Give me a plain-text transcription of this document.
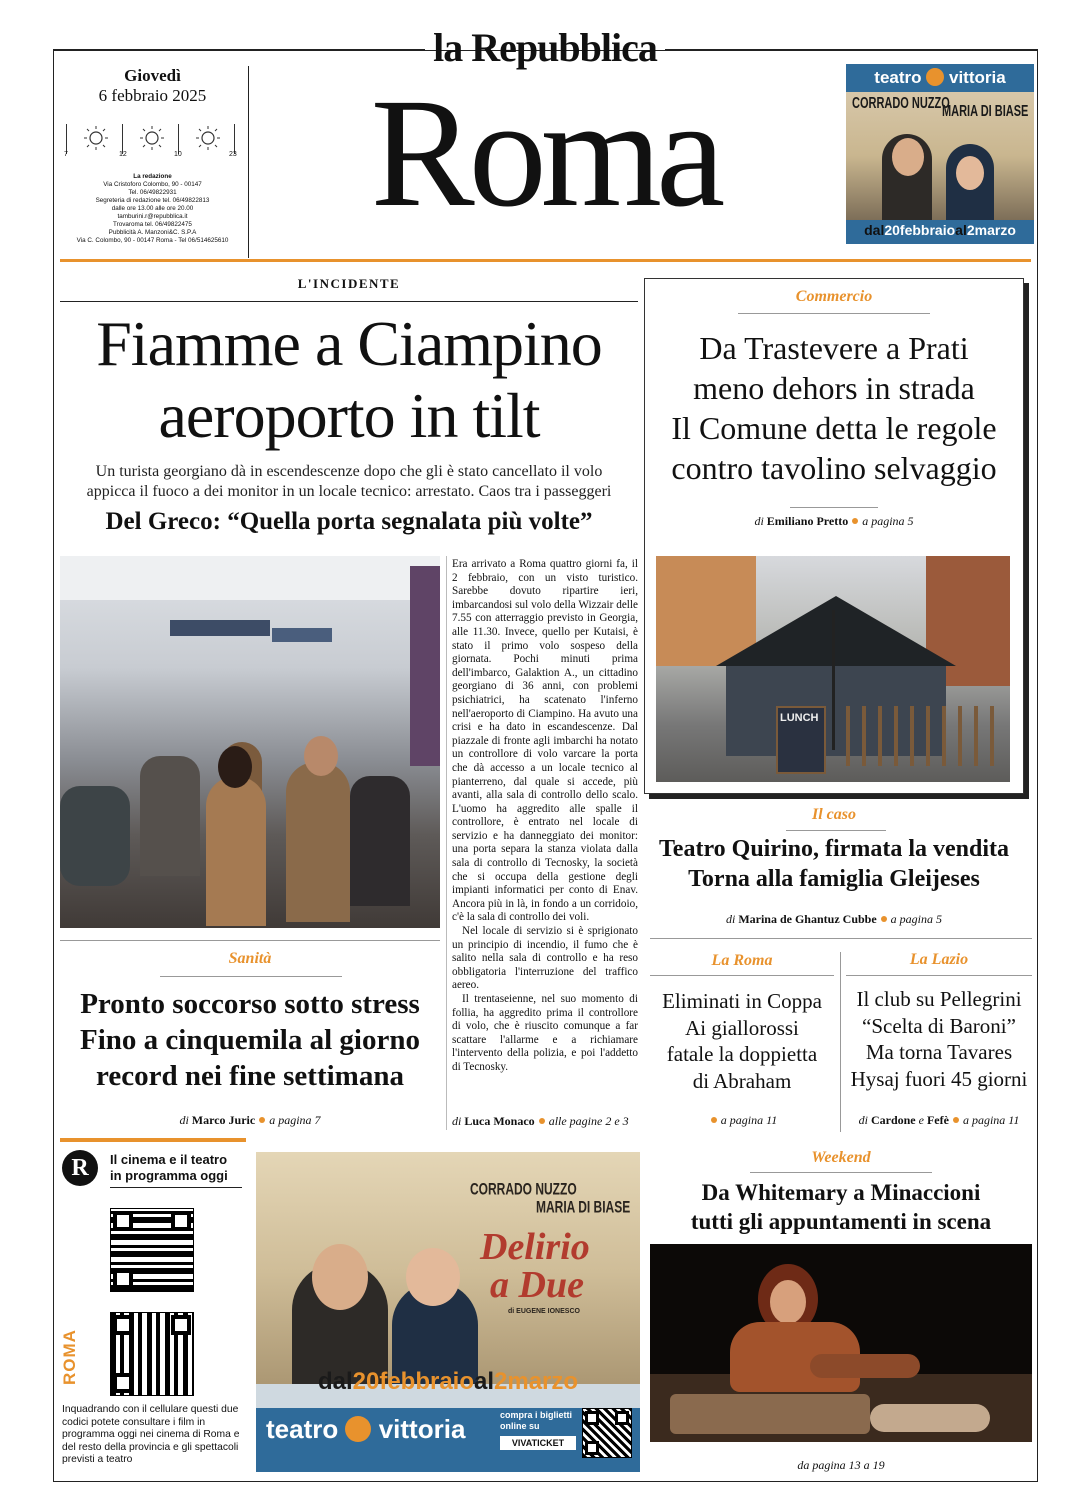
la Repubblica
Giovedì
6 febbraio 2025
7	12	10	23
La redazione
Via Cristoforo Colombo, 90 - 00147
Tel. 06/49822931
Segreteria di redazione tel. 06/49822813
dalle ore 13.00 alle ore 20.00
tamburini.r@repubblica.it
Trovaroma tel. 06/49822475
Pubblicità A. Manzoni&C. S.P.A
Via C. Colombo, 90 - 00147 Roma - Tel 06/514625610
Roma	teatro vittoria
CORRADO NUZZO
MARIA DI BIASE
dal20febbraioal2marzo
L'INCIDENTE
Fiamme a Ciampino
aeroporto in tilt
Un turista georgiano dà in escendescenze dopo che gli è stato cancellato il volo
appicca il fuoco a dei monitor in un locale tecnico: arrestato. Caos tra i passeggeri
Del Greco: “Quella porta segnalata più volte”

Era arrivato a Roma quattro giorni fa, il 2 febbraio, con un visto turistico. Sarebbe dovuto ripartire ieri, imbarcandosi sul volo della Wizzair delle 7.55 con atterraggio previsto in Georgia, alle 11.30. Invece, quello per Kutaisi, è stato il primo volo sospeso della giornata. Pochi minuti prima dell'imbarco, Galaktion A., un cittadino georgiano di 36 anni, con problemi psichiatrici, ha scatenato l'inferno nell'aeroporto di Ciampino. Ha avuto una crisi e ha dato in escandescenze. Dal piazzale di fronte agli imbarchi ha notato un controllore di volo varcare la porta che dà accesso a un locale tecnico al pianterreno, dal quale si accede, più avanti, alla sala di controllo dello scalo. L'uomo ha aggredito alle spalle il controllore, è entrato nel locale di servizio e ha danneggiato dei monitor: una porta separa la stanza violata dalla sala di controllo di Tecnosky, la società che si occupa della gestione degli impianti informatici per conto di Enav. Ancora più in là, in fondo a un corridoio, c'è la sala di controllo dei voli.

Nel locale di servizio si è sprigionato un principio di incendio, il fumo che è salito nella sala di controllo e ha reso obbligatoria l'interruzione del traffico aereo.

Il trentaseienne, nel suo momento di follia, ha aggredito prima il controllore di volo, che è riuscito comunque a far scattare l'allarme e a richiamare l'intervento della polizia, e poi l'addetto di Tecnosky.

di Luca Monaco alle pagine 2 e 3
Sanità
Pronto soccorso sotto stress
Fino a cinquemila al giorno
record nei fine settimana
di Marco Juric a pagina 7
Commercio
Da Trastevere a Prati
meno dehors in strada
Il Comune detta le regole
contro tavolino selvaggio
di Emiliano Pretto a pagina 5
LUNCH
Il caso
Teatro Quirino, firmata la vendita
Torna alla famiglia Gleijeses
di Marina de Ghantuz Cubbe a pagina 5
La Roma
Eliminati in Coppa
Ai giallorossi
fatale la doppietta
di Abraham
a pagina 11
La Lazio
Il club su Pellegrini
“Scelta di Baroni”
Ma torna Tavares
Hysaj fuori 45 giorni
di Cardone e Fefè a pagina 11
R	Il cinema e il teatro
in programma oggi
ROMA
Inquadrando con il cellulare questi due codici potete consultare i film in programma oggi nei cinema di Roma e del resto della provincia e gli spettacoli previsti a teatro
CORRADO NUZZO
MARIA DI BIASE
Delirio
a Due
di EUGENE IONESCO
dal20febbraioal2marzo
teatro vittoria	compra i biglietti
online su
VIVATICKET
Weekend
Da Whitemary a Minaccioni
tutti gli appuntamenti in scena
da pagina 13 a 19
